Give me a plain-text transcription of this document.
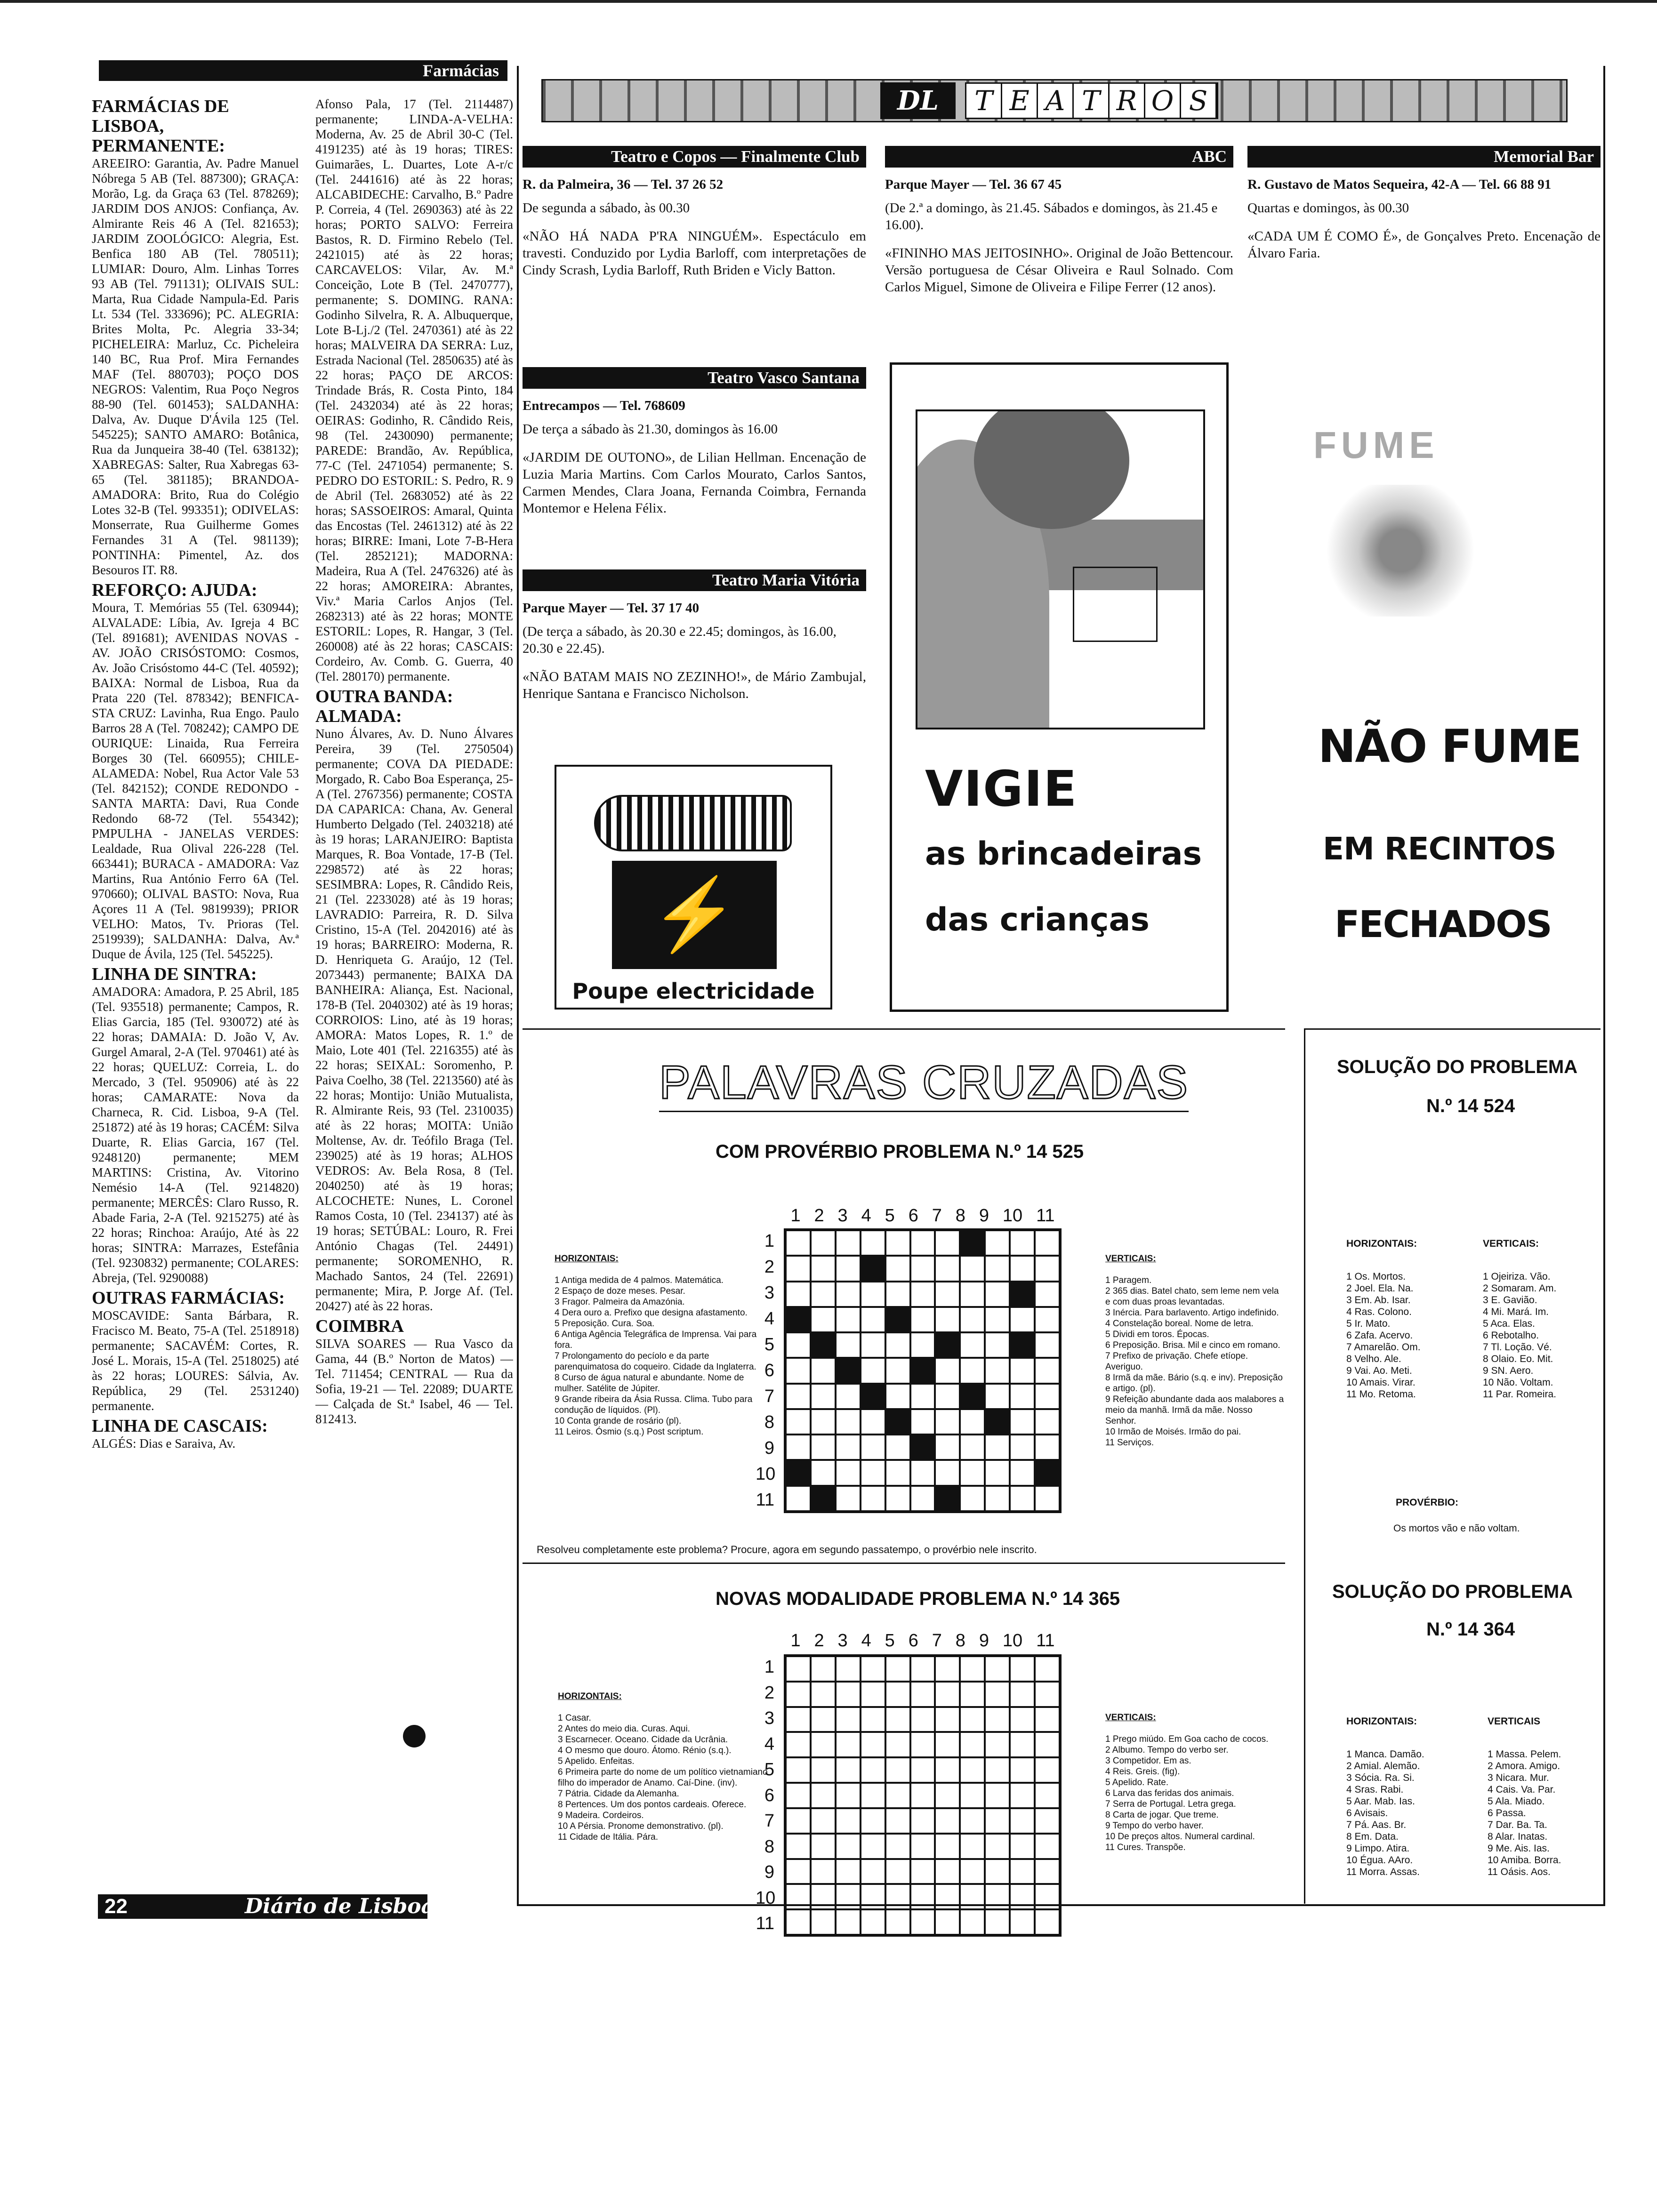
Farmácias
FARMÁCIAS DE LISBOA, PERMANENTE:
AREEIRO: Garantia, Av. Padre Manuel Nóbrega 5 AB (Tel. 887300); GRAÇA: Morão, Lg. da Graça 63 (Tel. 878269); JARDIM DOS ANJOS: Confiança, Av. Almirante Reis 46 A (Tel. 821653); JARDIM ZOOLÓGICO: Alegria, Est. Benfica 180 AB (Tel. 780511); LUMIAR: Douro, Alm. Linhas Torres 93 AB (Tel. 791131); OLIVAIS SUL: Marta, Rua Cidade Nampula-Ed. Paris Lt. 534 (Tel. 333696); PC. ALEGRIA: Brites Molta, Pc. Alegria 33-34; PICHELEIRA: Marluz, Cc. Picheleira 140 BC, Rua Prof. Mira Fernandes MAF (Tel. 880703); POÇO DOS NEGROS: Valentim, Rua Poço Negros 88-90 (Tel. 601453); SALDANHA: Dalva, Av. Duque D'Ávila 125 (Tel. 545225); SANTO AMARO: Botânica, Rua da Junqueira 38-40 (Tel. 638132); XABREGAS: Salter, Rua Xabregas 63-65 (Tel. 381185); BRANDOA-AMADORA: Brito, Rua do Colégio Lotes 32-B (Tel. 993351); ODIVELAS: Monserrate, Rua Guilherme Gomes Fernandes 31 A (Tel. 981139); PONTINHA: Pimentel, Az. dos Besouros IT. R8.
REFORÇO: AJUDA:
Moura, T. Memórias 55 (Tel. 630944); ALVALADE: Líbia, Av. Igreja 4 BC (Tel. 891681); AVENIDAS NOVAS - AV. JOÃO CRISÓSTOMO: Cosmos, Av. João Crisóstomo 44-C (Tel. 40592); BAIXA: Normal de Lisboa, Rua da Prata 220 (Tel. 878342); BENFICA-STA CRUZ: Lavinha, Rua Engo. Paulo Barros 28 A (Tel. 708242); CAMPO DE OURIQUE: Linaida, Rua Ferreira Borges 30 (Tel. 660955); CHILE-ALAMEDA: Nobel, Rua Actor Vale 53 (Tel. 842152); CONDE REDONDO - SANTA MARTA: Davi, Rua Conde Redondo 68-72 (Tel. 554342); PMPULHA - JANELAS VERDES: Lealdade, Rua Olival 226-228 (Tel. 663441); BURACA - AMADORA: Vaz Martins, Rua António Ferro 6A (Tel. 970660); OLIVAL BASTO: Nova, Rua Açores 11 A (Tel. 9819939); PRIOR VELHO: Matos, Tv. Prioras (Tel. 2519939); SALDANHA: Dalva, Av.ª Duque de Ávila, 125 (Tel. 545225).
LINHA DE SINTRA:
AMADORA: Amadora, P. 25 Abril, 185 (Tel. 935518) permanente; Campos, R. Elias Garcia, 185 (Tel. 930072) até às 22 horas; DAMAIA: D. João V, Av. Gurgel Amaral, 2-A (Tel. 970461) até às 22 horas; QUELUZ: Correia, L. do Mercado, 3 (Tel. 950906) até às 22 horas; CAMARATE: Nova da Charneca, R. Cid. Lisboa, 9-A (Tel. 251872) até às 19 horas; CACÉM: Silva Duarte, R. Elias Garcia, 167 (Tel. 9248120) permanente; MEM MARTINS: Cristina, Av. Vitorino Nemésio 14-A (Tel. 9214820) permanente; MERCÊS: Claro Russo, R. Abade Faria, 2-A (Tel. 9215275) até às 22 horas; Rinchoa: Araújo, Até às 22 horas; SINTRA: Marrazes, Estefânia (Tel. 9230832) permanente; COLARES: Abreja, (Tel. 9290088)
OUTRAS FARMÁCIAS:
MOSCAVIDE: Santa Bárbara, R. Fracisco M. Beato, 75-A (Tel. 2518918) permanente; SACAVÉM: Cortes, R. José L. Morais, 15-A (Tel. 2518025) até às 22 horas; LOURES: Sálvia, Av. República, 29 (Tel. 2531240) permanente.
LINHA DE CASCAIS:
ALGÉS: Dias e Saraiva, Av.
Afonso Pala, 17 (Tel. 2114487) permanente; LINDA-A-VELHA: Moderna, Av. 25 de Abril 30-C (Tel. 4191235) até às 19 horas; TIRES: Guimarães, L. Duartes, Lote A-r/c (Tel. 2441616) até às 22 horas; ALCABIDECHE: Carvalho, B.º Padre P. Correia, 4 (Tel. 2690363) até às 22 horas; PORTO SALVO: Ferreira Bastos, R. D. Firmino Rebelo (Tel. 2421015) até às 22 horas; CARCAVELOS: Vilar, Av. M.ª Conceição, Lote B (Tel. 2470777), permanente; S. DOMING. RANA: Godinho Silvelra, R. A. Albuquerque, Lote B-Lj./2 (Tel. 2470361) até às 22 horas; MALVEIRA DA SERRA: Luz, Estrada Nacional (Tel. 2850635) até às 22 horas; PAÇO DE ARCOS: Trindade Brás, R. Costa Pinto, 184 (Tel. 2432034) até às 22 horas; OEIRAS: Godinho, R. Cândido Reis, 98 (Tel. 2430090) permanente; PAREDE: Brandão, Av. República, 77-C (Tel. 2471054) permanente; S. PEDRO DO ESTORIL: S. Pedro, R. 9 de Abril (Tel. 2683052) até às 22 horas; SASSOEIROS: Amaral, Quinta das Encostas (Tel. 2461312) até às 22 horas; BIRRE: Imani, Lote 7-B-Hera (Tel. 2852121); MADORNA: Madeira, Rua A (Tel. 2476326) até às 22 horas; AMOREIRA: Abrantes, Viv.ª Maria Carlos Anjos (Tel. 2682313) até às 22 horas; MONTE ESTORIL: Lopes, R. Hangar, 3 (Tel. 260008) até às 22 horas; CASCAIS: Cordeiro, Av. Comb. G. Guerra, 40 (Tel. 280170) permanente.
OUTRA BANDA: ALMADA:
Nuno Álvares, Av. D. Nuno Álvares Pereira, 39 (Tel. 2750504) permanente; COVA DA PIEDADE: Morgado, R. Cabo Boa Esperança, 25-A (Tel. 2767356) permanente; COSTA DA CAPARICA: Chana, Av. General Humberto Delgado (Tel. 2403218) até às 19 horas; LARANJEIRO: Baptista Marques, R. Boa Vontade, 17-B (Tel. 2298572) até às 22 horas; SESIMBRA: Lopes, R. Cândido Reis, 21 (Tel. 2233028) até às 19 horas; LAVRADIO: Parreira, R. D. Silva Cristino, 15-A (Tel. 2042016) até às 19 horas; BARREIRO: Moderna, R. D. Henriqueta G. Araújo, 12 (Tel. 2073443) permanente; BAIXA DA BANHEIRA: Aliança, Est. Nacional, 178-B (Tel. 2040302) até às 19 horas; CORROIOS: Lino, até às 19 horas; AMORA: Matos Lopes, R. 1.º de Maio, Lote 401 (Tel. 2216355) até às 22 horas; SEIXAL: Soromenho, P. Paiva Coelho, 38 (Tel. 2213560) até às 22 horas; Montijo: União Mutualista, R. Almirante Reis, 93 (Tel. 2310035) até às 22 horas; MOITA: União Moltense, Av. dr. Teófilo Braga (Tel. 239025) até às 19 horas; ALHOS VEDROS: Av. Bela Rosa, 8 (Tel. 2040250) até às 19 horas; ALCOCHETE: Nunes, L. Coronel Ramos Costa, 10 (Tel. 234137) até às 19 horas; SETÚBAL: Louro, R. Frei António Chagas (Tel. 24491) permanente; SOROMENHO, R. Machado Santos, 24 (Tel. 22691) permanente; Mira, P. Jorge Af. (Tel. 20427) até às 22 horas.
COIMBRA
SILVA SOARES — Rua Vasco da Gama, 44 (B.º Norton de Matos) — Tel. 711454; CENTRAL — Rua da Sofia, 19-21 — Tel. 22089; DUARTE — Calçada de St.ª Isabel, 46 — Tel. 812413.
22	Diário de Lisboa
DL	T E A T R O S
Teatro e Copos — Finalmente Club
R. da Palmeira, 36 — Tel. 37 26 52
De segunda a sábado, às 00.30
«NÃO HÁ NADA P'RA NINGUÉM». Espectáculo em travesti. Conduzido por Lydia Barloff, com interpretações de Cindy Scrash, Lydia Barloff, Ruth Briden e Vicly Batton.
Teatro Vasco Santana
Entrecampos — Tel. 768609
De terça a sábado às 21.30, domingos às 16.00
«JARDIM DE OUTONO», de Lilian Hellman. Encenação de Luzia Maria Martins. Com Carlos Mourato, Carlos Santos, Carmen Mendes, Clara Joana, Fernanda Coimbra, Fernanda Montemor e Helena Félix.
Teatro Maria Vitória
Parque Mayer — Tel. 37 17 40
(De terça a sábado, às 20.30 e 22.45; domingos, às 16.00, 20.30 e 22.45).
«NÃO BATAM MAIS NO ZEZINHO!», de Mário Zambujal, Henrique Santana e Francisco Nicholson.
ABC
Parque Mayer — Tel. 36 67 45
(De 2.ª a domingo, às 21.45. Sábados e domingos, às 21.45 e 16.00).
«FININHO MAS JEITOSINHO». Original de João Bettencour. Versão portuguesa de César Oliveira e Raul Solnado. Com Carlos Miguel, Simone de Oliveira e Filipe Ferrer (12 anos).
Memorial Bar
R. Gustavo de Matos Sequeira, 42-A — Tel. 66 88 91
Quartas e domingos, às 00.30
«CADA UM É COMO É», de Gonçalves Preto. Encenação de Álvaro Faria.
⚡
Poupe electricidade
VIGIE
as brincadeiras
das crianças
FUME
NÃO FUME
EM RECINTOS
FECHADOS
PALAVRAS CRUZADAS
COM PROVÉRBIO PROBLEMA N.º 14 525
1 2 3 4 5 6 7 8 9 10 11
1
2
3
4
5
6
7
8
9
10
11

HORIZONTAIS:

1 Antiga medida de 4 palmos. Matemática.
2 Espaço de doze meses. Pesar.
3 Fragor. Palmeira da Amazónia.
4 Dera ouro a. Prefixo que designa afastamento.
5 Preposição. Cura. Soa.
6 Antiga Agência Telegráfica de Imprensa. Vai para fora.
7 Prolongamento do pecíolo e da parte parenquimatosa do coqueiro. Cidade da Inglaterra.
8 Curso de água natural e abundante. Nome de mulher. Satélite de Júpiter.
9 Grande ribeira da Ásia Russa. Clima. Tubo para condução de líquidos. (Pl).
10 Conta grande de rosário (pl).
11 Leiros. Ósmio (s.q.) Post scriptum.

VERTICAIS:

1 Paragem.
2 365 dias. Batel chato, sem leme nem vela e com duas proas levantadas.
3 Inércia. Para barlavento. Artigo indefinido.
4 Constelação boreal. Nome de letra.
5 Dividi em toros. Épocas.
6 Preposição. Brisa. Mil e cinco em romano.
7 Prefixo de privação. Chefe etíope. Averiguo.
8 Irmã da mãe. Bário (s.q. e inv). Preposição e artigo. (pl).
9 Refeição abundante dada aos malabores a meio da manhã. Irmã da mãe. Nosso Senhor.
10 Irmão de Moisés. Irmão do pai.
11 Serviços.

Resolveu completamente este problema? Procure, agora em segundo passatempo, o provérbio nele inscrito.
NOVAS MODALIDADE PROBLEMA N.º 14 365
1 2 3 4 5 6 7 8 9 10 11
1
2
3
4
5
6
7
8
9
10
11

HORIZONTAIS:

1 Casar.
2 Antes do meio dia. Curas. Aqui.
3 Escarnecer. Oceano. Cidade da Ucrânia.
4 O mesmo que douro. Átomo. Rénio (s.q.).
5 Apelido. Enfeitas.
6 Primeira parte do nome de um político vietnamiano filho do imperador de Anamo. Caí-Dine. (inv).
7 Pátria. Cidade da Alemanha.
8 Pertences. Um dos pontos cardeais. Oferece.
9 Madeira. Cordeiros.
10 A Pérsia. Pronome demonstrativo. (pl).
11 Cidade de Itália. Pára.

VERTICAIS:

1 Prego miúdo. Em Goa cacho de cocos.
2 Albumo. Tempo do verbo ser.
3 Competidor. Em as.
4 Reis. Greis. (fig).
5 Apelido. Rate.
6 Larva das feridas dos animais.
7 Serra de Portugal. Letra grega.
8 Carta de jogar. Que treme.
9 Tempo do verbo haver.
10 De preços altos. Numeral cardinal.
11 Cures. Transpõe.

SOLUÇÃO DO PROBLEMA
N.º 14 524

HORIZONTAIS:

1 Os. Mortos.
2 Joel. Ela. Na.
3 Em. Ab. Isar.
4 Ras. Colono.
5 Ir. Mato.
6 Zafa. Acervo.
7 Amarelão. Om.
8 Velho. Ale.
9 Vai. Ao. Meti.
10 Amais. Virar.
11 Mo. Retoma.

VERTICAIS:

1 Ojeiriza. Vão.
2 Somaram. Am.
3 E. Gavião.
4 Mi. Mará. Im.
5 Aca. Elas.
6 Rebotalho.
7 Tl. Loção. Vé.
8 Olaio. Eo. Mit.
9 SN. Aero.
10 Não. Voltam.
11 Par. Romeira.

PROVÉRBIO:
Os mortos vão e não voltam.
SOLUÇÃO DO PROBLEMA
N.º 14 364

HORIZONTAIS:

1 Manca. Damão.
2 Amial. Alemão.
3 Sócia. Ra. Si.
4 Sras. Rabi.
5 Aar. Mab. Ias.
6 Avisais.
7 Pá. Aas. Br.
8 Em. Data.
9 Limpo. Atira.
10 Égua. AAro.
11 Morra. Assas.

VERTICAIS

1 Massa. Pelem.
2 Amora. Amigo.
3 Nicara. Mur.
4 Cais. Va. Par.
5 Ala. Miado.
6 Passa.
7 Dar. Ba. Ta.
8 Alar. Inatas.
9 Me. Ais. Ias.
10 Amiba. Borra.
11 Oásis. Aos.
